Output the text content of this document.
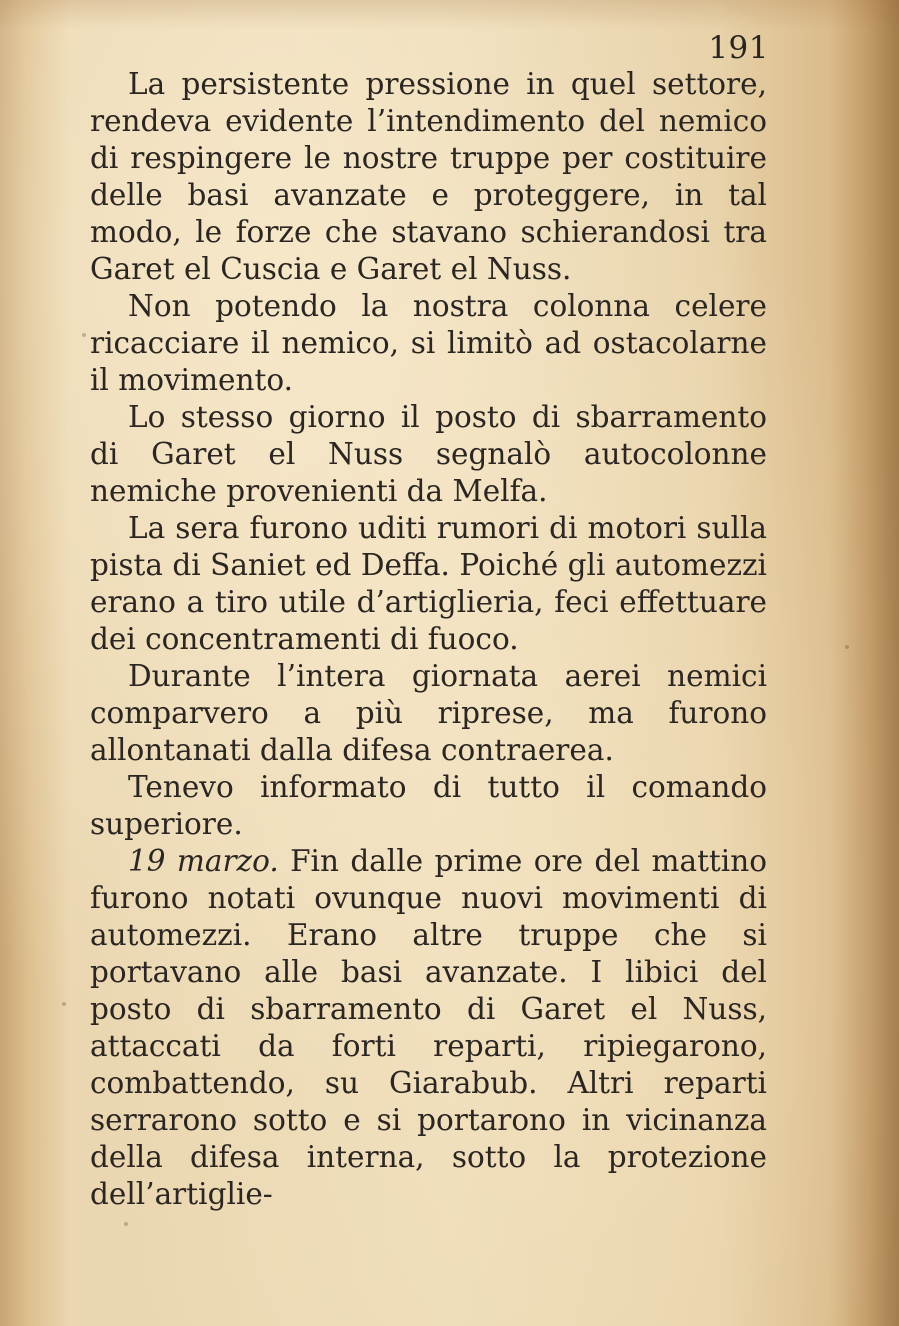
191

La persistente pressione in quel settore, rendeva evidente l’intendimento del nemico di respingere le nostre truppe per costituire delle basi avanzate e proteggere, in tal modo, le forze che stavano schierandosi tra Garet el Cuscia e Garet el Nuss.

Non potendo la nostra colonna celere ricacciare il nemico, si limitò ad ostacolarne il movimento.

Lo stesso giorno il posto di sbarramento di Garet el Nuss segnalò autocolonne nemiche provenienti da Melfa.

La sera furono uditi rumori di motori sulla pista di Saniet ed Deffa. Poiché gli automezzi erano a tiro utile d’artiglieria, feci effettuare dei concentramenti di fuoco.

Durante l’intera giornata aerei nemici comparvero a più riprese, ma furono allontanati dalla difesa contraerea.

Tenevo informato di tutto il comando superiore.

19 marzo. Fin dalle prime ore del mattino furono notati ovunque nuovi movimenti di automezzi. Erano altre truppe che si portavano alle basi avanzate. I libici del posto di sbarramento di Garet el Nuss, attaccati da forti reparti, ripiegarono, combattendo, su Giarabub. Altri reparti serrarono sotto e si portarono in vicinanza della difesa interna, sotto la protezione dell’artiglie-
